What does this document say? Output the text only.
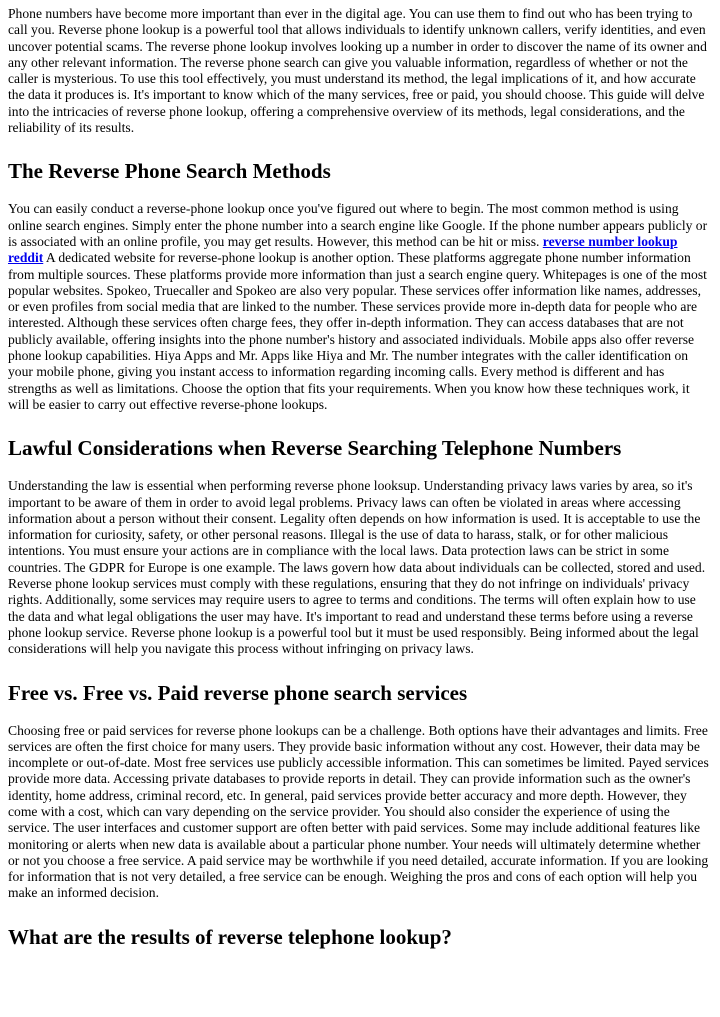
Phone numbers have become more important than ever in the digital age. You can use them to find out who has been trying to call you. Reverse phone lookup is a powerful tool that allows individuals to identify unknown callers, verify identities, and even uncover potential scams. The reverse phone lookup involves looking up a number in order to discover the name of its owner and any other relevant information. The reverse phone search can give you valuable information, regardless of whether or not the caller is mysterious. To use this tool effectively, you must understand its method, the legal implications of it, and how accurate the data it produces is. It's important to know which of the many services, free or paid, you should choose. This guide will delve into the intricacies of reverse phone lookup, offering a comprehensive overview of its methods, legal considerations, and the reliability of its results.

The Reverse Phone Search Methods

You can easily conduct a reverse-phone lookup once you've figured out where to begin. The most common method is using online search engines. Simply enter the phone number into a search engine like Google. If the phone number appears publicly or is associated with an online profile, you may get results. However, this method can be hit or miss. reverse number lookup reddit A dedicated website for reverse-phone lookup is another option. These platforms aggregate phone number information from multiple sources. These platforms provide more information than just a search engine query. Whitepages is one of the most popular websites. Spokeo, Truecaller and Spokeo are also very popular. These services offer information like names, addresses, or even profiles from social media that are linked to the number. These services provide more in-depth data for people who are interested. Although these services often charge fees, they offer in-depth information. They can access databases that are not publicly available, offering insights into the phone number's history and associated individuals. Mobile apps also offer reverse phone lookup capabilities. Hiya Apps and Mr. Apps like Hiya and Mr. The number integrates with the caller identification on your mobile phone, giving you instant access to information regarding incoming calls. Every method is different and has strengths as well as limitations. Choose the option that fits your requirements. When you know how these techniques work, it will be easier to carry out effective reverse-phone lookups.

Lawful Considerations when Reverse Searching Telephone Numbers

Understanding the law is essential when performing reverse phone looksup. Understanding privacy laws varies by area, so it's important to be aware of them in order to avoid legal problems. Privacy laws can often be violated in areas where accessing information about a person without their consent. Legality often depends on how information is used. It is acceptable to use the information for curiosity, safety, or other personal reasons. Illegal is the use of data to harass, stalk, or for other malicious intentions. You must ensure your actions are in compliance with the local laws. Data protection laws can be strict in some countries. The GDPR for Europe is one example. The laws govern how data about individuals can be collected, stored and used. Reverse phone lookup services must comply with these regulations, ensuring that they do not infringe on individuals' privacy rights. Additionally, some services may require users to agree to terms and conditions. The terms will often explain how to use the data and what legal obligations the user may have. It's important to read and understand these terms before using a reverse phone lookup service. Reverse phone lookup is a powerful tool but it must be used responsibly. Being informed about the legal considerations will help you navigate this process without infringing on privacy laws.

Free vs. Free vs. Paid reverse phone search services

Choosing free or paid services for reverse phone lookups can be a challenge. Both options have their advantages and limits. Free services are often the first choice for many users. They provide basic information without any cost. However, their data may be incomplete or out-of-date. Most free services use publicly accessible information. This can sometimes be limited. Payed services provide more data. Accessing private databases to provide reports in detail. They can provide information such as the owner's identity, home address, criminal record, etc. In general, paid services provide better accuracy and more depth. However, they come with a cost, which can vary depending on the service provider. You should also consider the experience of using the service. The user interfaces and customer support are often better with paid services. Some may include additional features like monitoring or alerts when new data is available about a particular phone number. Your needs will ultimately determine whether or not you choose a free service. A paid service may be worthwhile if you need detailed, accurate information. If you are looking for information that is not very detailed, a free service can be enough. Weighing the pros and cons of each option will help you make an informed decision.

What are the results of reverse telephone lookup?
